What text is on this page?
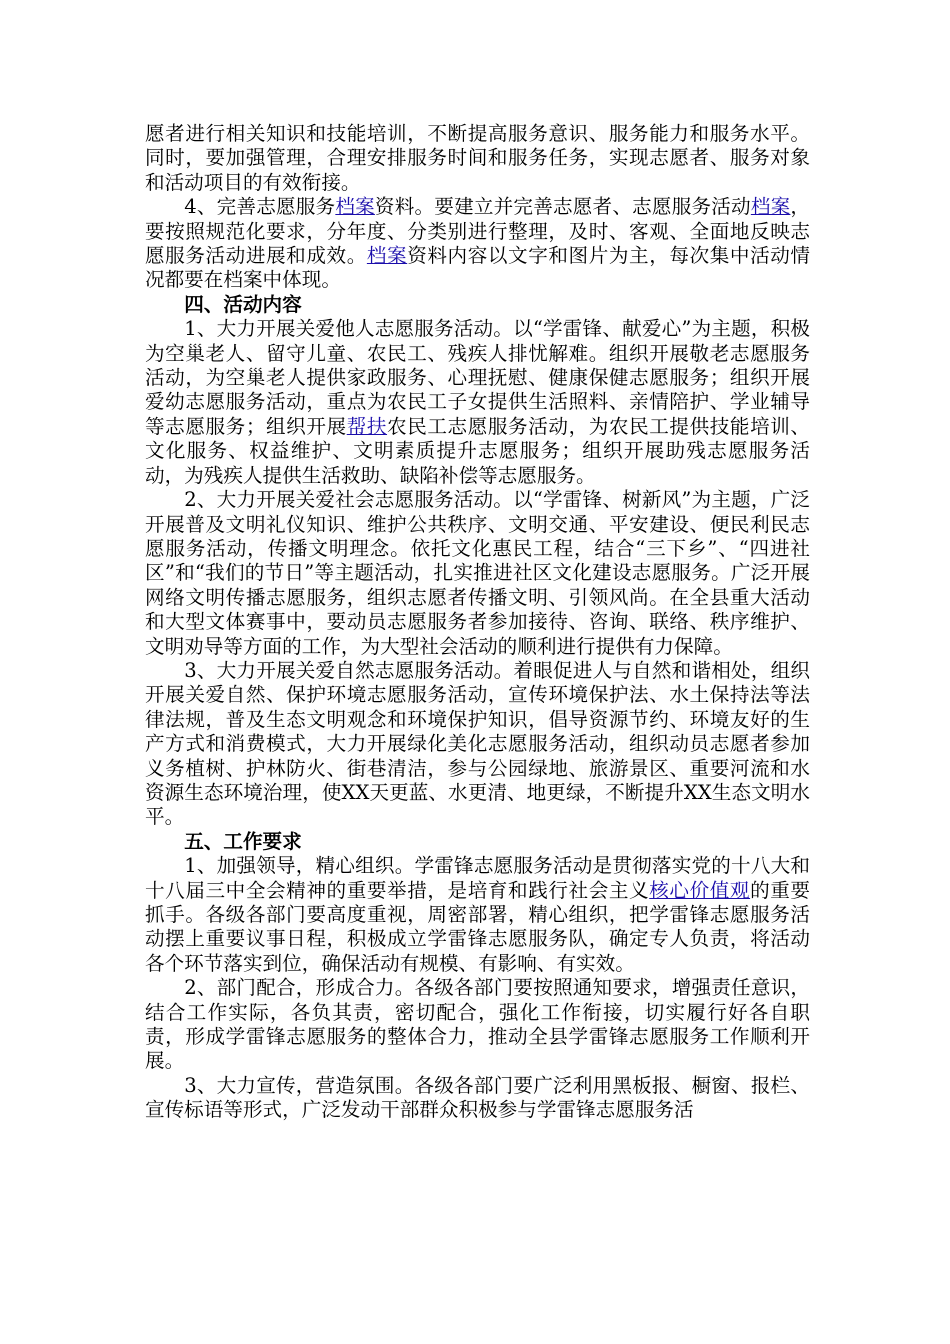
愿者进行相关知识和技能培训，不断提高服务意识、服务能力和服务水平。同时，要加强管理，合理安排服务时间和服务任务，实现志愿者、服务对象和活动项目的有效衔接。

4、完善志愿服务档案资料。要建立并完善志愿者、志愿服务活动档案，要按照规范化要求，分年度、分类别进行整理，及时、客观、全面地反映志愿服务活动进展和成效。档案资料内容以文字和图片为主，每次集中活动情况都要在档案中体现。

四、活动内容

1、大力开展关爱他人志愿服务活动。以“学雷锋、献爱心”为主题，积极为空巢老人、留守儿童、农民工、残疾人排忧解难。组织开展敬老志愿服务活动，为空巢老人提供家政服务、心理抚慰、健康保健志愿服务；组织开展爱幼志愿服务活动，重点为农民工子女提供生活照料、亲情陪护、学业辅导等志愿服务；组织开展帮扶农民工志愿服务活动，为农民工提供技能培训、文化服务、权益维护、文明素质提升志愿服务；组织开展助残志愿服务活动，为残疾人提供生活救助、缺陷补偿等志愿服务。

2、大力开展关爱社会志愿服务活动。以“学雷锋、树新风”为主题，广泛开展普及文明礼仪知识、维护公共秩序、文明交通、平安建设、便民利民志愿服务活动，传播文明理念。依托文化惠民工程，结合“三下乡”、“四进社区”和“我们的节日”等主题活动，扎实推进社区文化建设志愿服务。广泛开展网络文明传播志愿服务，组织志愿者传播文明、引领风尚。在全县重大活动和大型文体赛事中，要动员志愿服务者参加接待、咨询、联络、秩序维护、文明劝导等方面的工作，为大型社会活动的顺利进行提供有力保障。

3、大力开展关爱自然志愿服务活动。着眼促进人与自然和谐相处，组织开展关爱自然、保护环境志愿服务活动，宣传环境保护法、水土保持法等法律法规，普及生态文明观念和环境保护知识，倡导资源节约、环境友好的生产方式和消费模式，大力开展绿化美化志愿服务活动，组织动员志愿者参加义务植树、护林防火、街巷清洁，参与公园绿地、旅游景区、重要河流和水资源生态环境治理，使XX天更蓝、水更清、地更绿，不断提升XX生态文明水平。

五、工作要求

1、加强领导，精心组织。学雷锋志愿服务活动是贯彻落实党的十八大和十八届三中全会精神的重要举措，是培育和践行社会主义核心价值观的重要抓手。各级各部门要高度重视，周密部署，精心组织，把学雷锋志愿服务活动摆上重要议事日程，积极成立学雷锋志愿服务队，确定专人负责，将活动各个环节落实到位，确保活动有规模、有影响、有实效。

2、部门配合，形成合力。各级各部门要按照通知要求，增强责任意识，结合工作实际，各负其责，密切配合，强化工作衔接，切实履行好各自职责，形成学雷锋志愿服务的整体合力，推动全县学雷锋志愿服务工作顺利开展。

3、大力宣传，营造氛围。各级各部门要广泛利用黑板报、橱窗、报栏、宣传标语等形式，广泛发动干部群众积极参与学雷锋志愿服务活
